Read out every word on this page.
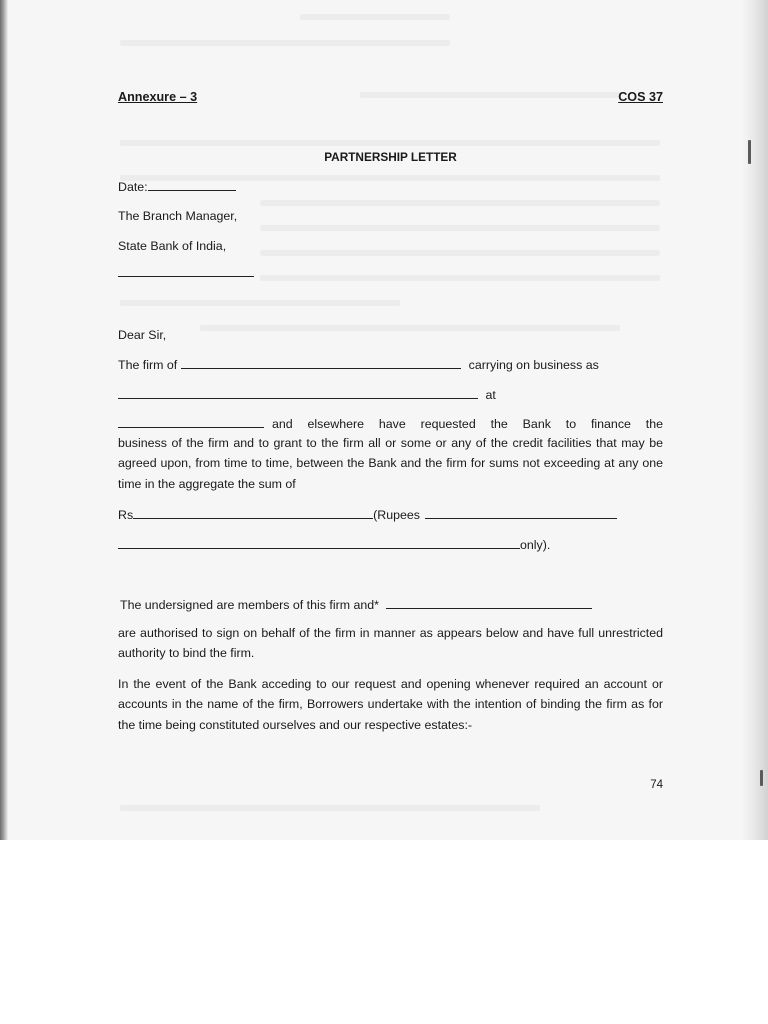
Annexure – 3	COS 37
PARTNERSHIP LETTER
Date:
The Branch Manager,
State Bank of India,
Dear Sir,
The firm of	carrying on business as
at
and elsewhere have requested the Bank to finance the
business of the firm and to grant to the firm all or some or any of the credit facilities that may be agreed upon, from time to time, between the Bank and the firm for sums not exceeding at any one time in the aggregate the sum of
Rs	(Rupees
only).
The undersigned are members of this firm and*
are authorised to sign on behalf of the firm in manner as appears below and have full unrestricted authority to bind the firm.
In the event of the Bank acceding to our request and opening whenever required an account or accounts in the name of the firm, Borrowers undertake with the intention of binding the firm as for the time being constituted ourselves and our respective estates:-
74
